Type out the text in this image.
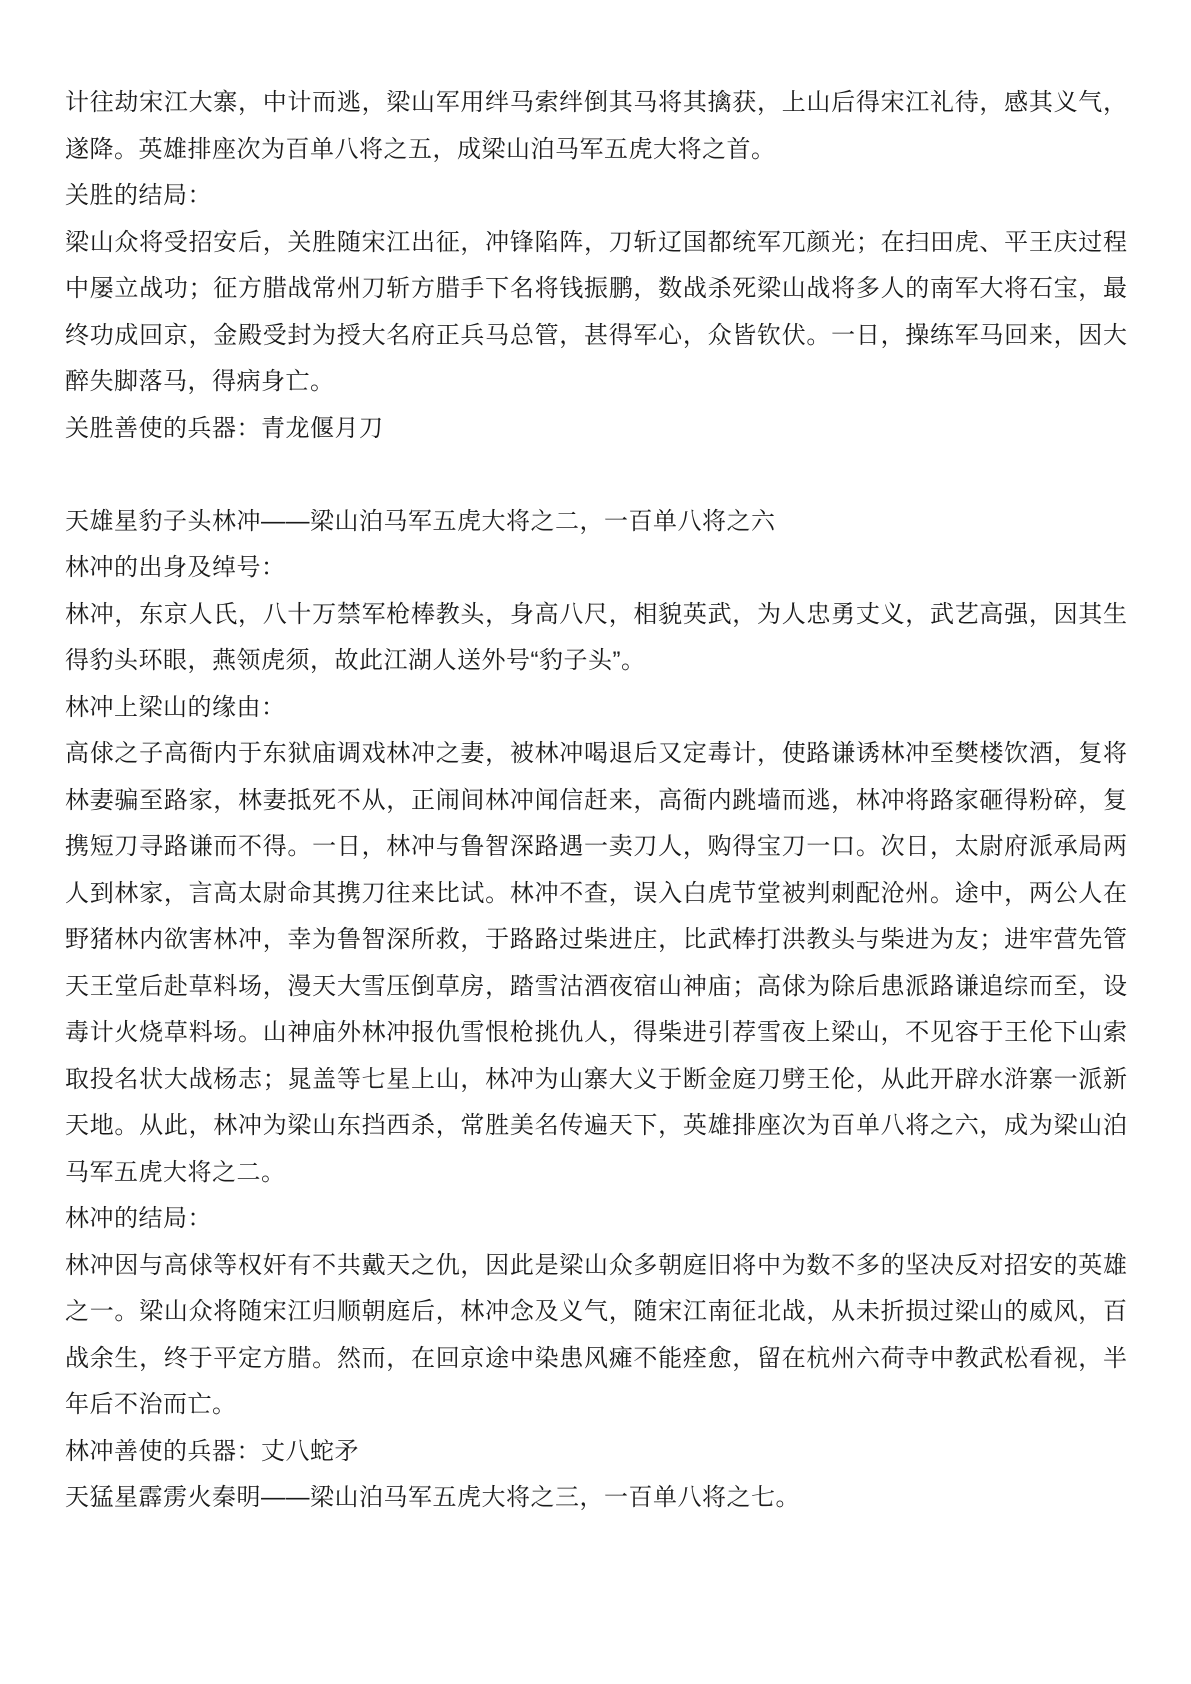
计往劫宋江大寨，中计而逃，梁山军用绊马索绊倒其马将其擒获，上山后得宋江礼待，感其义气，
遂降。英雄排座次为百单八将之五，成梁山泊马军五虎大将之首。
关胜的结局：
梁山众将受招安后，关胜随宋江出征，冲锋陷阵，刀斩辽国都统军兀颜光；在扫田虎、平王庆过程
中屡立战功；征方腊战常州刀斩方腊手下名将钱振鹏，数战杀死梁山战将多人的南军大将石宝，最
终功成回京，金殿受封为授大名府正兵马总管，甚得军心，众皆钦伏。一日，操练军马回来，因大
醉失脚落马，得病身亡。
关胜善使的兵器：青龙偃月刀
天雄星豹子头林冲——梁山泊马军五虎大将之二，一百单八将之六
林冲的出身及绰号：
林冲，东京人氏，八十万禁军枪棒教头，身高八尺，相貌英武，为人忠勇丈义，武艺高强，因其生
得豹头环眼，燕领虎须，故此江湖人送外号“豹子头”。
林冲上梁山的缘由：
高俅之子高衙内于东狱庙调戏林冲之妻，被林冲喝退后又定毒计，使路谦诱林冲至樊楼饮酒，复将
林妻骗至路家，林妻抵死不从，正闹间林冲闻信赶来，高衙内跳墙而逃，林冲将路家砸得粉碎，复
携短刀寻路谦而不得。一日，林冲与鲁智深路遇一卖刀人，购得宝刀一口。次日，太尉府派承局两
人到林家，言高太尉命其携刀往来比试。林冲不查，误入白虎节堂被判刺配沧州。途中，两公人在
野猪林内欲害林冲，幸为鲁智深所救，于路路过柴进庄，比武棒打洪教头与柴进为友；进牢营先管
天王堂后赴草料场，漫天大雪压倒草房，踏雪沽酒夜宿山神庙；高俅为除后患派路谦追综而至，设
毒计火烧草料场。山神庙外林冲报仇雪恨枪挑仇人，得柴进引荐雪夜上梁山，不见容于王伦下山索
取投名状大战杨志；晁盖等七星上山，林冲为山寨大义于断金庭刀劈王伦，从此开辟水浒寨一派新
天地。从此，林冲为梁山东挡西杀，常胜美名传遍天下，英雄排座次为百单八将之六，成为梁山泊
马军五虎大将之二。
林冲的结局：
林冲因与高俅等权奸有不共戴天之仇，因此是梁山众多朝庭旧将中为数不多的坚决反对招安的英雄
之一。梁山众将随宋江归顺朝庭后，林冲念及义气，随宋江南征北战，从未折损过梁山的威风，百
战余生，终于平定方腊。然而，在回京途中染患风瘫不能痊愈，留在杭州六荷寺中教武松看视，半
年后不治而亡。
林冲善使的兵器：丈八蛇矛
天猛星霹雳火秦明——梁山泊马军五虎大将之三，一百单八将之七。
